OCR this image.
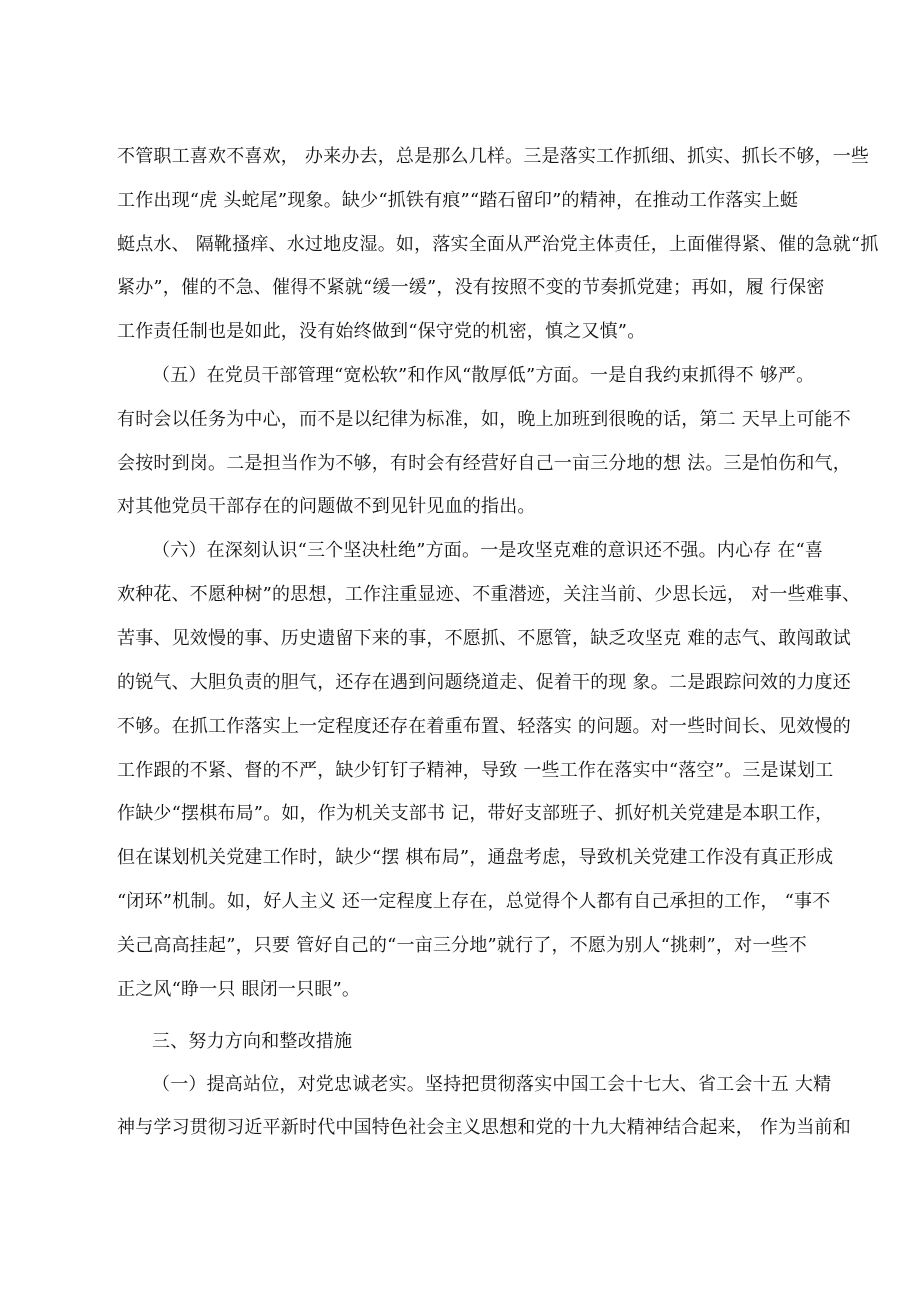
不管职工喜欢不喜欢， 办来办去，总是那么几样。三是落实工作抓细、抓实、抓长不够，一些
工作出现“虎 头蛇尾”现象。缺少“抓铁有痕”“踏石留印”的精神，在推动工作落实上蜓
蜓点水、 隔靴搔痒、水过地皮湿。如，落实全面从严治党主体责任，上面催得紧、催的急就“抓
紧办”，催的不急、催得不紧就“缓一缓”，没有按照不变的节奏抓党建；再如，履 行保密
工作责任制也是如此，没有始终做到“保守党的机密，慎之又慎”。
（五）在党员干部管理“宽松软”和作风“散厚低”方面。一是自我约束抓得不 够严。
有时会以任务为中心，而不是以纪律为标准，如，晚上加班到很晚的话，第二 天早上可能不
会按时到岗。二是担当作为不够，有时会有经营好自己一亩三分地的想 法。三是怕伤和气，
对其他党员干部存在的问题做不到见针见血的指出。
（六）在深刻认识“三个坚决杜绝”方面。一是攻坚克难的意识还不强。内心存 在“喜
欢种花、不愿种树”的思想，工作注重显迹、不重潜迹，关注当前、少思长远， 对一些难事、
苦事、见效慢的事、历史遗留下来的事，不愿抓、不愿管，缺乏攻坚克 难的志气、敢闯敢试
的锐气、大胆负责的胆气，还存在遇到问题绕道走、促着干的现 象。二是跟踪问效的力度还
不够。在抓工作落实上一定程度还存在着重布置、轻落实 的问题。对一些时间长、见效慢的
工作跟的不紧、督的不严，缺少钉钉子精神，导致 一些工作在落实中“落空”。三是谋划工
作缺少“摆棋布局”。如，作为机关支部书 记，带好支部班子、抓好机关党建是本职工作，
但在谋划机关党建工作时，缺少“摆 棋布局”，通盘考虑，导致机关党建工作没有真正形成
“闭环”机制。如，好人主义 还一定程度上存在，总觉得个人都有自己承担的工作， “事不
关己高高挂起”，只要 管好自己的“一亩三分地”就行了，不愿为别人“挑刺”，对一些不
正之风“睁一只 眼闭一只眼”。
三、努力方向和整改措施
（一）提高站位，对党忠诚老实。坚持把贯彻落实中国工会十七大、省工会十五 大精
神与学习贯彻习近平新时代中国特色社会主义思想和党的十九大精神结合起来， 作为当前和
